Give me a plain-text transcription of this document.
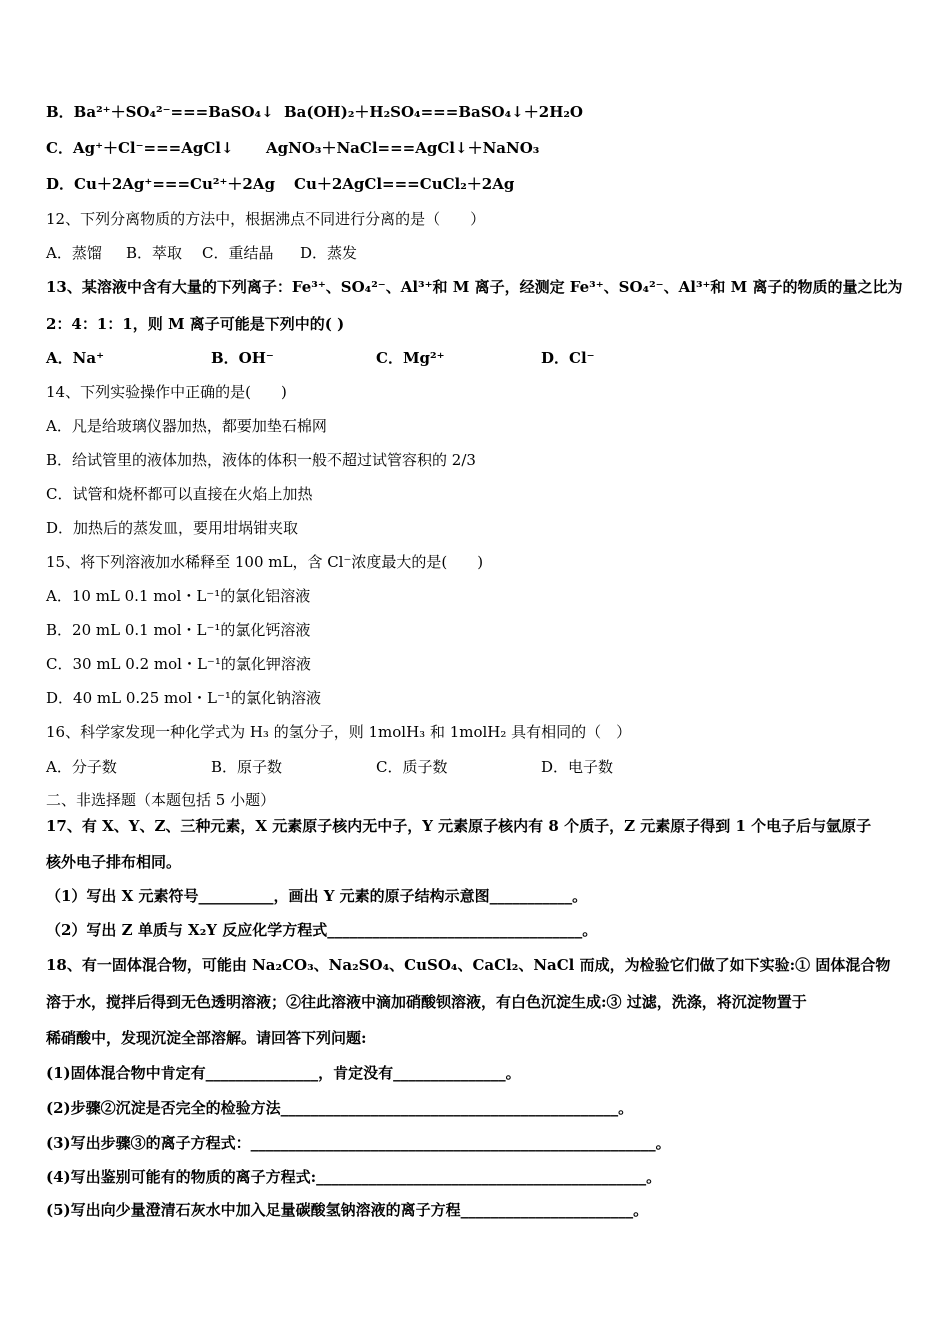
B．Ba²⁺＋SO₄²⁻===BaSO₄↓ Ba(OH)₂＋H₂SO₄===BaSO₄↓＋2H₂O
C．Ag⁺＋Cl⁻===AgCl↓ AgNO₃＋NaCl===AgCl↓＋NaNO₃
D．Cu＋2Ag⁺===Cu²⁺＋2Ag Cu＋2AgCl===CuCl₂＋2Ag
12、下列分离物质的方法中，根据沸点不同进行分离的是（　　）
A．蒸馏 B．萃取 C．重结晶 D．蒸发
13、某溶液中含有大量的下列离子：Fe³⁺、SO₄²⁻、Al³⁺和 M 离子，经测定 Fe³⁺、SO₄²⁻、Al³⁺和 M 离子的物质的量之比为
2：4：1：1，则 M 离子可能是下列中的( )
A．Na⁺	B．OH⁻	C．Mg²⁺	D．Cl⁻
14、下列实验操作中正确的是(　　)
A．凡是给玻璃仪器加热，都要加垫石棉网
B．给试管里的液体加热，液体的体积一般不超过试管容积的 2/3
C．试管和烧杯都可以直接在火焰上加热
D．加热后的蒸发皿，要用坩埚钳夹取
15、将下列溶液加水稀释至 100 mL，含 Cl⁻浓度最大的是(　　)
A．10 mL 0.1 mol・L⁻¹的氯化铝溶液
B．20 mL 0.1 mol・L⁻¹的氯化钙溶液
C．30 mL 0.2 mol・L⁻¹的氯化钾溶液
D．40 mL 0.25 mol・L⁻¹的氯化钠溶液
16、科学家发现一种化学式为 H₃ 的氢分子，则 1molH₃ 和 1molH₂ 具有相同的（　）
A．分子数	B．原子数	C．质子数	D．电子数
二、非选择题（本题包括 5 小题）
17、有 X、Y、Z、三种元素，X 元素原子核内无中子，Y 元素原子核内有 8 个质子，Z 元素原子得到 1 个电子后与氩原子
核外电子排布相同。
（1）写出 X 元素符号__________，画出 Y 元素的原子结构示意图___________。
（2）写出 Z 单质与 X₂Y 反应化学方程式__________________________________。
18、有一固体混合物，可能由 Na₂CO₃、Na₂SO₄、CuSO₄、CaCl₂、NaCl 而成，为检验它们做了如下实验:① 固体混合物
溶于水，搅拌后得到无色透明溶液；②往此溶液中滴加硝酸钡溶液，有白色沉淀生成:③ 过滤，洗涤，将沉淀物置于
稀硝酸中，发现沉淀全部溶解。请回答下列问题:
(1)固体混合物中肯定有_______________，肯定没有_______________。
(2)步骤②沉淀是否完全的检验方法_____________________________________________。
(3)写出步骤③的离子方程式：______________________________________________________。
(4)写出鉴别可能有的物质的离子方程式:____________________________________________。
(5)写出向少量澄清石灰水中加入足量碳酸氢钠溶液的离子方程_______________________。
